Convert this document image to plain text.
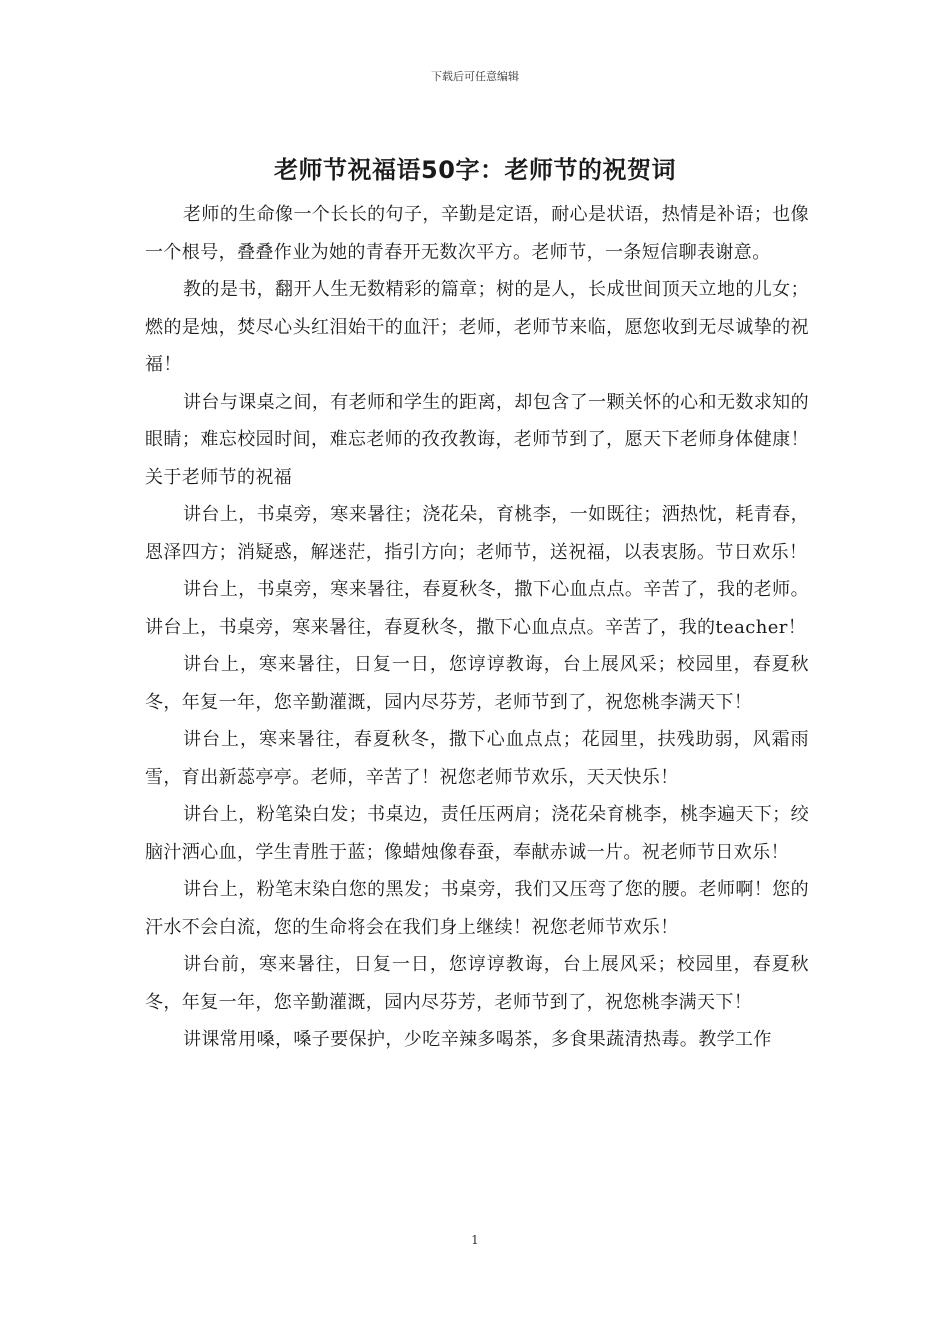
下载后可任意编辑
老师节祝福语50字：老师节的祝贺词

老师的生命像一个长长的句子，辛勤是定语，耐心是状语，热情是补语；也像一个根号，叠叠作业为她的青春开无数次平方。老师节，一条短信聊表谢意。

教的是书，翻开人生无数精彩的篇章；树的是人，长成世间顶天立地的儿女；燃的是烛，焚尽心头红泪始干的血汗；老师，老师节来临，愿您收到无尽诚挚的祝福！

讲台与课桌之间，有老师和学生的距离，却包含了一颗关怀的心和无数求知的眼睛；难忘校园时间，难忘老师的孜孜教诲，老师节到了，愿天下老师身体健康！关于老师节的祝福

讲台上，书桌旁，寒来暑往；浇花朵，育桃李，一如既往；洒热忱，耗青春，恩泽四方；消疑惑，解迷茫，指引方向；老师节，送祝福，以表衷肠。节日欢乐！

讲台上，书桌旁，寒来暑往，春夏秋冬，撒下心血点点。辛苦了，我的老师。讲台上，书桌旁，寒来暑往，春夏秋冬，撒下心血点点。辛苦了，我的teacher！

讲台上，寒来暑往，日复一日，您谆谆教诲，台上展风采；校园里，春夏秋冬，年复一年，您辛勤灌溉，园内尽芬芳，老师节到了，祝您桃李满天下！

讲台上，寒来暑往，春夏秋冬，撒下心血点点；花园里，扶残助弱，风霜雨雪，育出新蕊亭亭。老师，辛苦了！祝您老师节欢乐，天天快乐！

讲台上，粉笔染白发；书桌边，责任压两肩；浇花朵育桃李，桃李遍天下；绞脑汁洒心血，学生青胜于蓝；像蜡烛像春蚕，奉献赤诚一片。祝老师节日欢乐！

讲台上，粉笔末染白您的黑发；书桌旁，我们又压弯了您的腰。老师啊！您的汗水不会白流，您的生命将会在我们身上继续！祝您老师节欢乐！

讲台前，寒来暑往，日复一日，您谆谆教诲，台上展风采；校园里，春夏秋冬，年复一年，您辛勤灌溉，园内尽芬芳，老师节到了，祝您桃李满天下！

讲课常用嗓，嗓子要保护，少吃辛辣多喝茶，多食果蔬清热毒。教学工作

1
